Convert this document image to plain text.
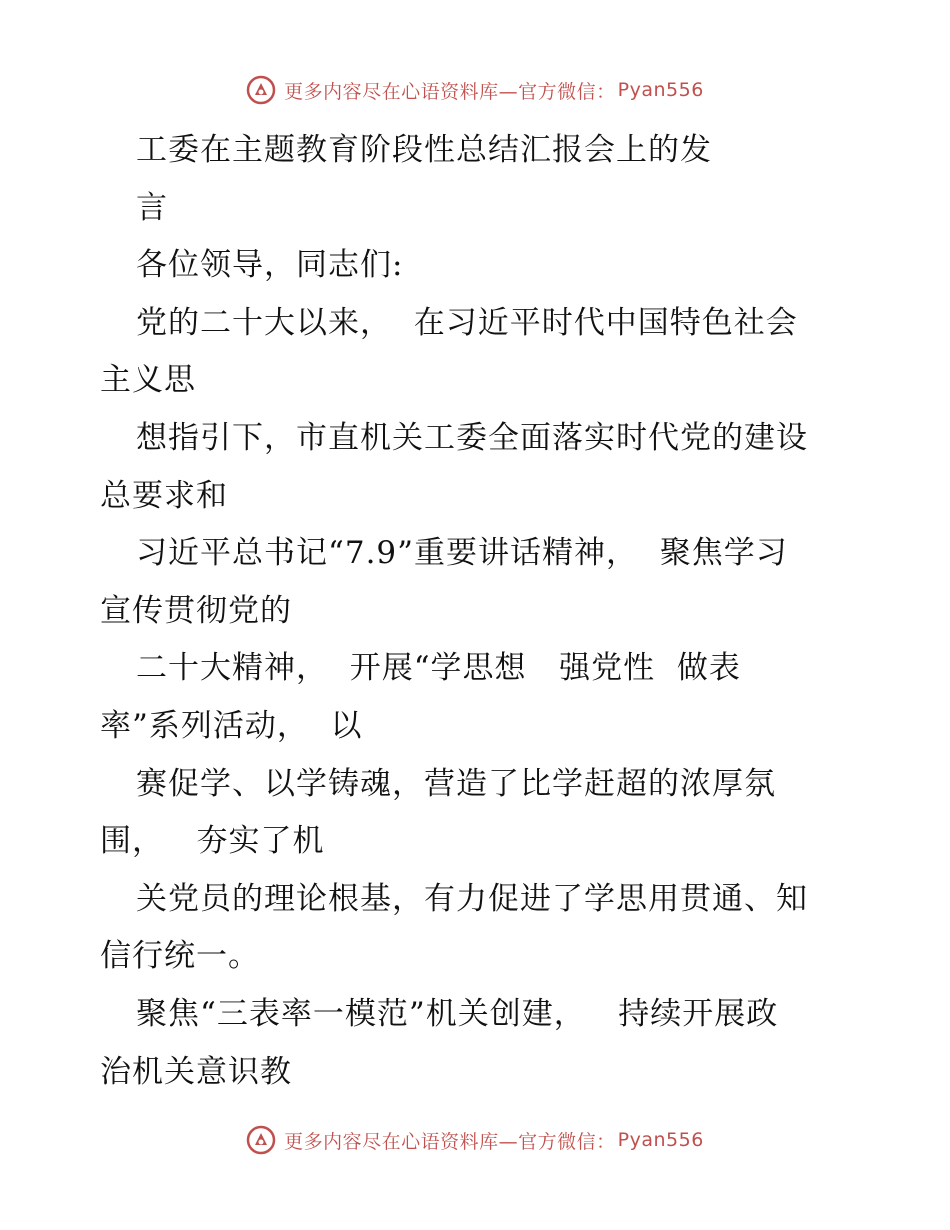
更多内容尽在心语资料库—官方微信： Pyan556
工委在主题教育阶段性总结汇报会上的发
言
各位领导，同志们:
党的二十大以来，  在习近平时代中国特色社会
主义思
想指引下，市直机关工委全面落实时代党的建设
总要求和
习近平总书记“7.9”重要讲话精神，  聚焦学习
宣传贯彻党的
二十大精神，  开展“学思想   强党性  做表
率”系列活动，  以
赛促学、以学铸魂，营造了比学赶超的浓厚氛
围，   夯实了机
关党员的理论根基，有力促进了学思用贯通、知
信行统一。
聚焦“三表率一模范”机关创建，   持续开展政
治机关意识教
更多内容尽在心语资料库—官方微信： Pyan556
